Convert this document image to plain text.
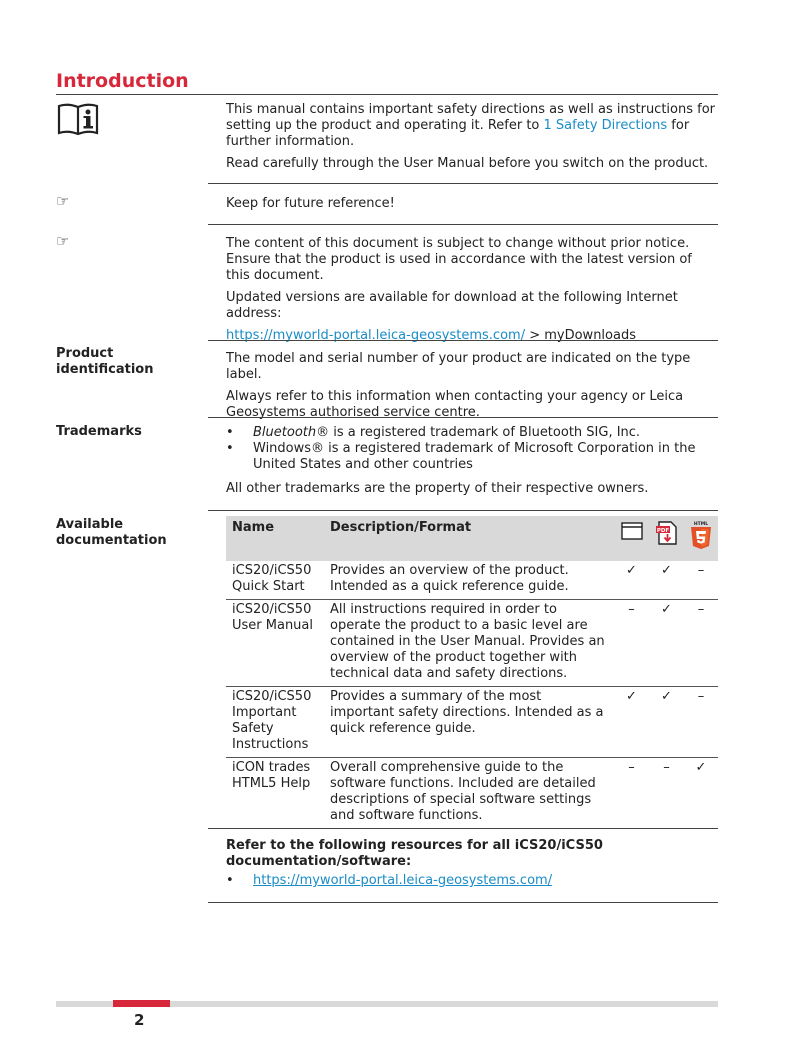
Introduction

This manual contains important safety directions as well as instructions for setting up the product and operating it. Refer to 1 Safety Directions for further information.

Read carefully through the User Manual before you switch on the product.

☞	Keep for future reference!
☞	The content of this document is subject to change without prior notice. Ensure that the product is used in accordance with the latest version of this document.

Updated versions are available for download at the following Internet address:

https://myworld-portal.leica-geosystems.com/ > myDownloads

Product identification

The model and serial number of your product are indicated on the type label.

Always refer to this information when contacting your agency or Leica Geosystems authorised service centre.

Trademarks	• Bluetooth® is a registered trademark of Bluetooth SIG, Inc.
• Windows® is a registered trademark of Microsoft Corporation in the United States and other countries

All other trademarks are the property of their respective owners.

Available documentation
Name	Description/Format		PDF	HTML

iCS20/iCS50 Quick Start	Provides an overview of the product. Intended as a quick reference guide.	✓	✓	–
iCS20/iCS50 User Manual	All instructions required in order to operate the product to a basic level are contained in the User Manual. Provides an overview of the product together with technical data and safety directions.	–	✓	–
iCS20/iCS50 Important Safety Instructions	Provides a summary of the most important safety directions. Intended as a quick reference guide.	✓	✓	–
iCON trades HTML5 Help	Overall comprehensive guide to the software functions. Included are detailed descriptions of special software settings and software functions.	–	–	✓

Refer to the following resources for all iCS20/iCS50 documentation/software:

• https://myworld-portal.leica-geosystems.com/
2
